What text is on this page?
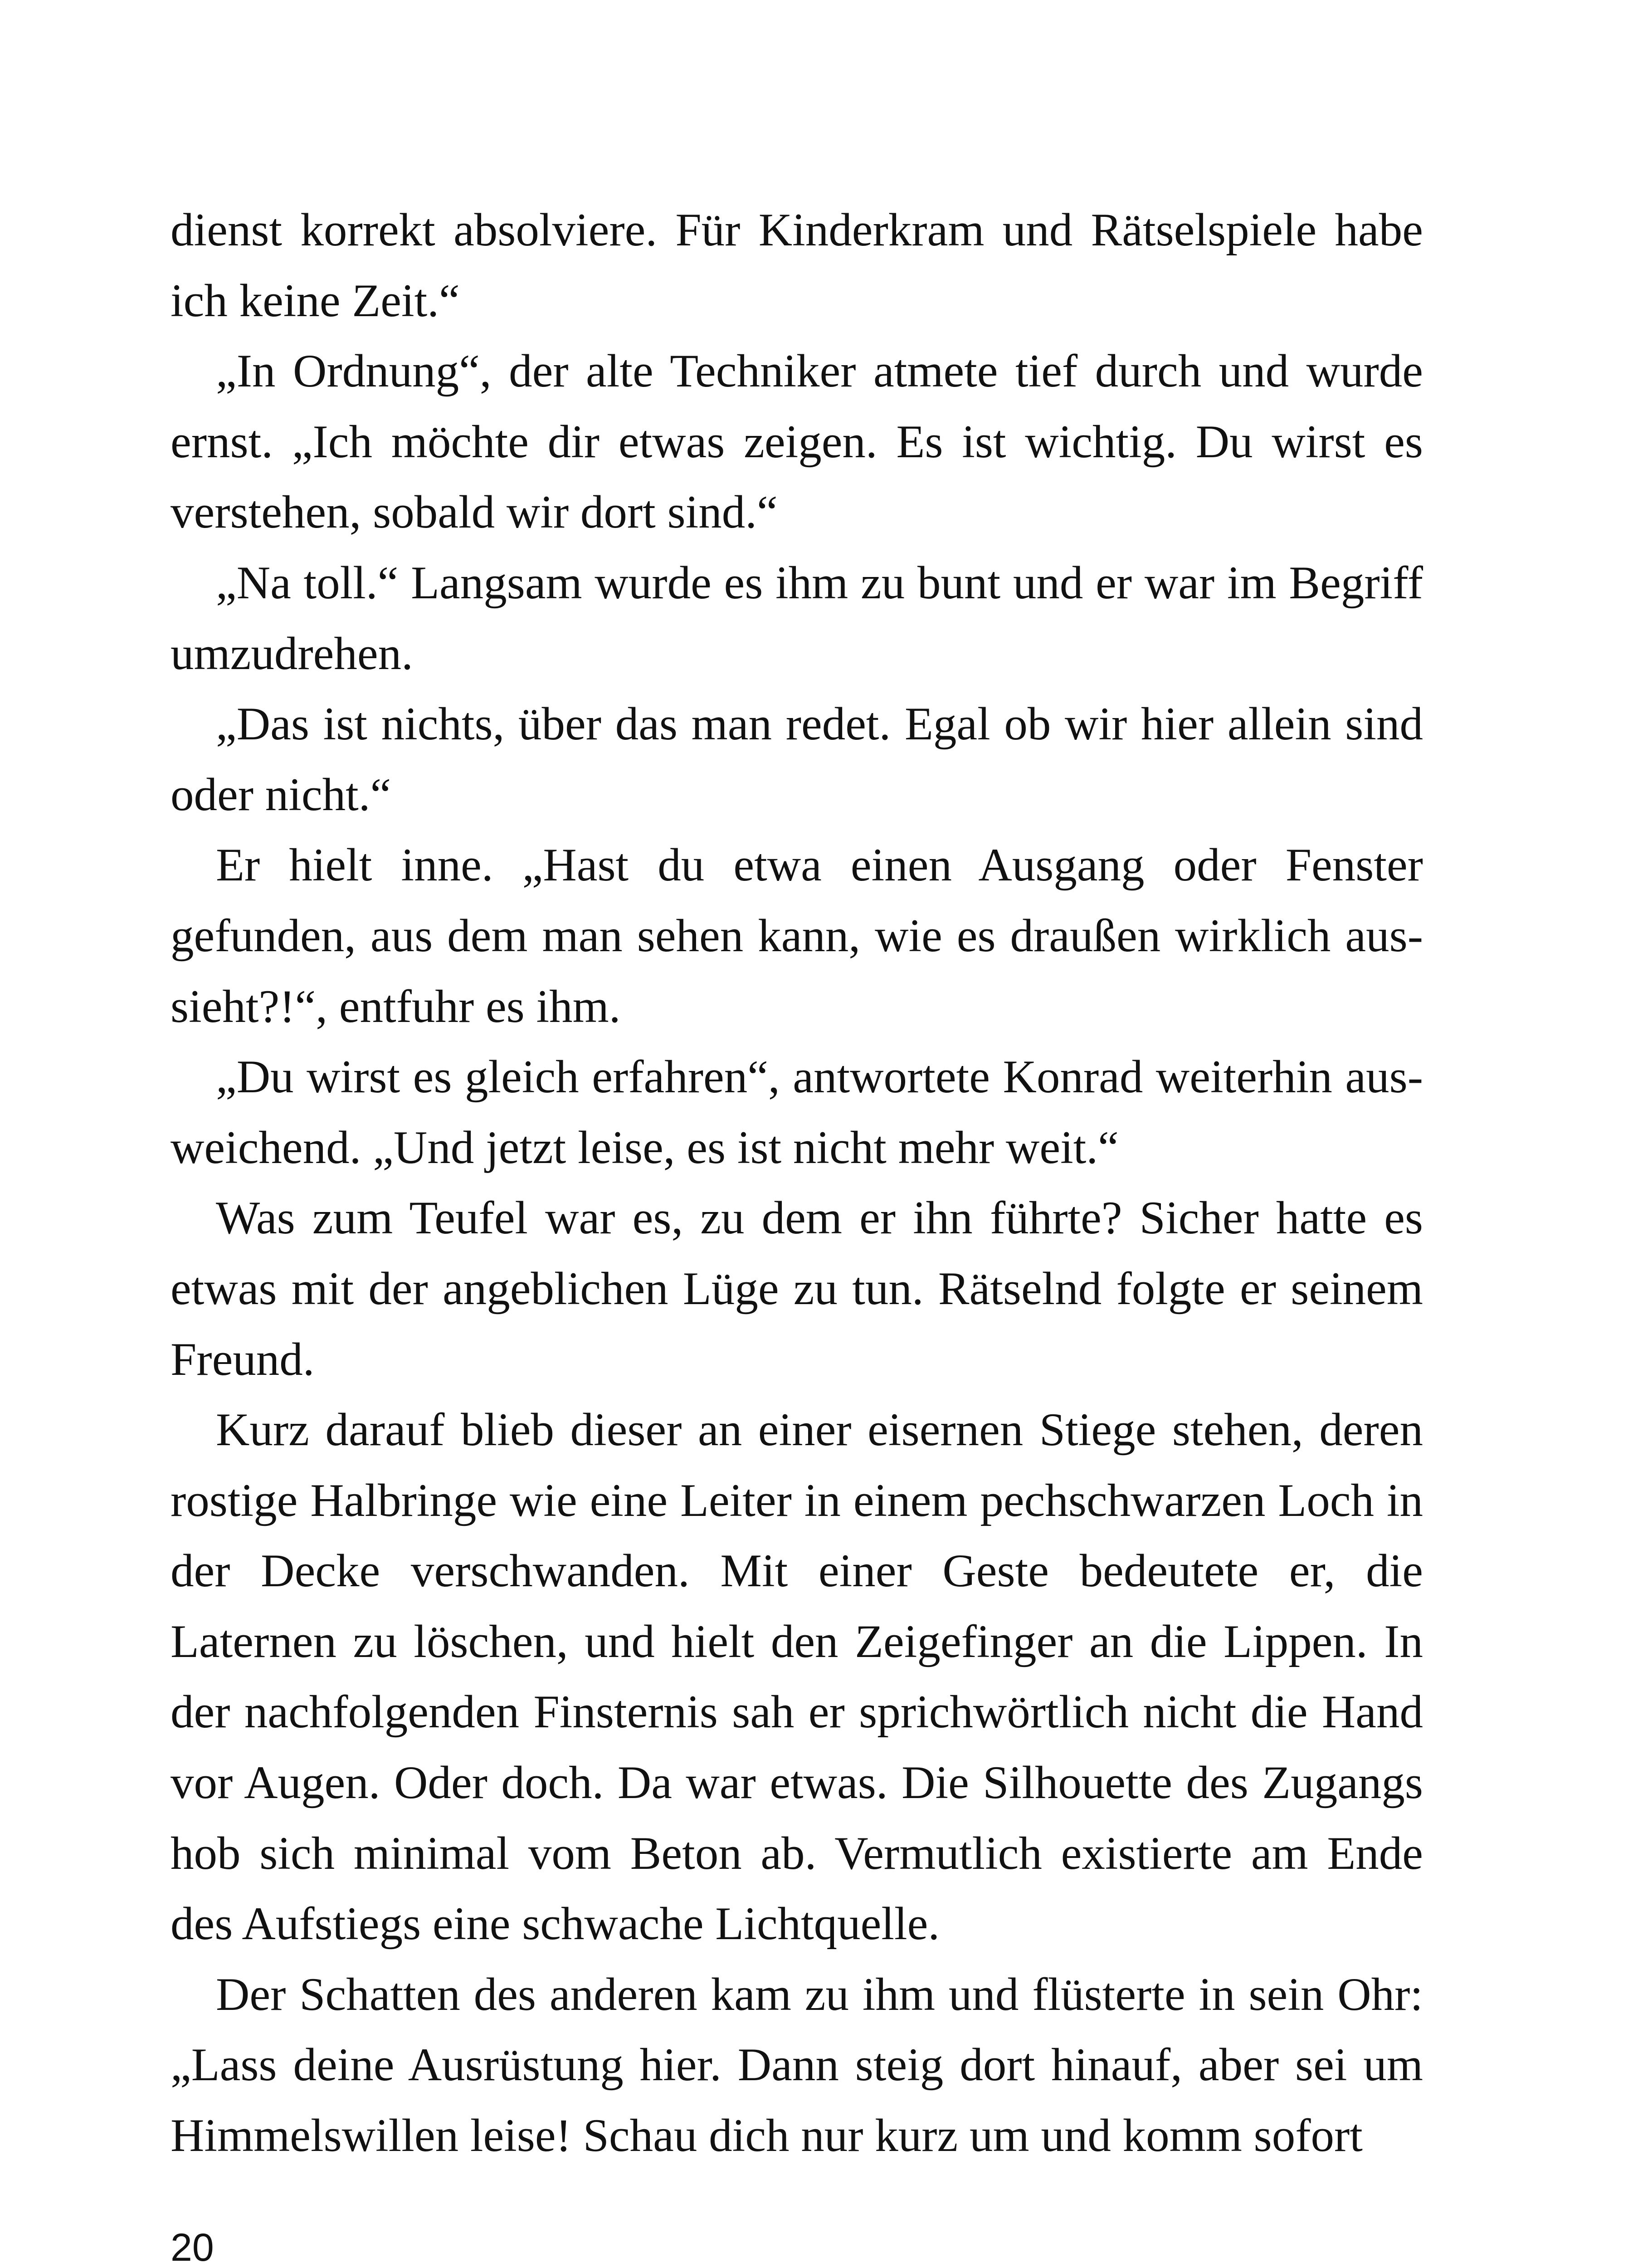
dienst korrekt absolviere. Für Kinderkram und Rätselspiele habe ich keine Zeit.“

„In Ordnung“, der alte Techniker atmete tief durch und wurde ernst. „Ich möchte dir etwas zeigen. Es ist wichtig. Du wirst es verstehen, sobald wir dort sind.“

„Na toll.“ Langsam wurde es ihm zu bunt und er war im Begriff umzudrehen.

„Das ist nichts, über das man redet. Egal ob wir hier allein sind oder nicht.“

Er hielt inne. „Hast du etwa einen Ausgang oder Fenster gefunden, aus dem man sehen kann, wie es draußen wirklich aussieht?!“, entfuhr es ihm.

„Du wirst es gleich erfahren“, antwortete Konrad weiterhin ausweichend. „Und jetzt leise, es ist nicht mehr weit.“

Was zum Teufel war es, zu dem er ihn führte? Sicher hatte es etwas mit der angeblichen Lüge zu tun. Rätselnd folgte er seinem Freund.

Kurz darauf blieb dieser an einer eisernen Stiege stehen, deren rostige Halbringe wie eine Leiter in einem pechschwarzen Loch in der Decke verschwanden. Mit einer Geste bedeutete er, die Laternen zu löschen, und hielt den Zeigefinger an die Lippen. In der nachfolgenden Finsternis sah er sprichwörtlich nicht die Hand vor Augen. Oder doch. Da war etwas. Die Silhouette des Zugangs hob sich minimal vom Beton ab. Vermutlich existierte am Ende des Aufstiegs eine schwache Lichtquelle.

Der Schatten des anderen kam zu ihm und flüsterte in sein Ohr: „Lass deine Ausrüstung hier. Dann steig dort hinauf, aber sei um Himmelswillen leise! Schau dich nur kurz um und komm sofort

20
